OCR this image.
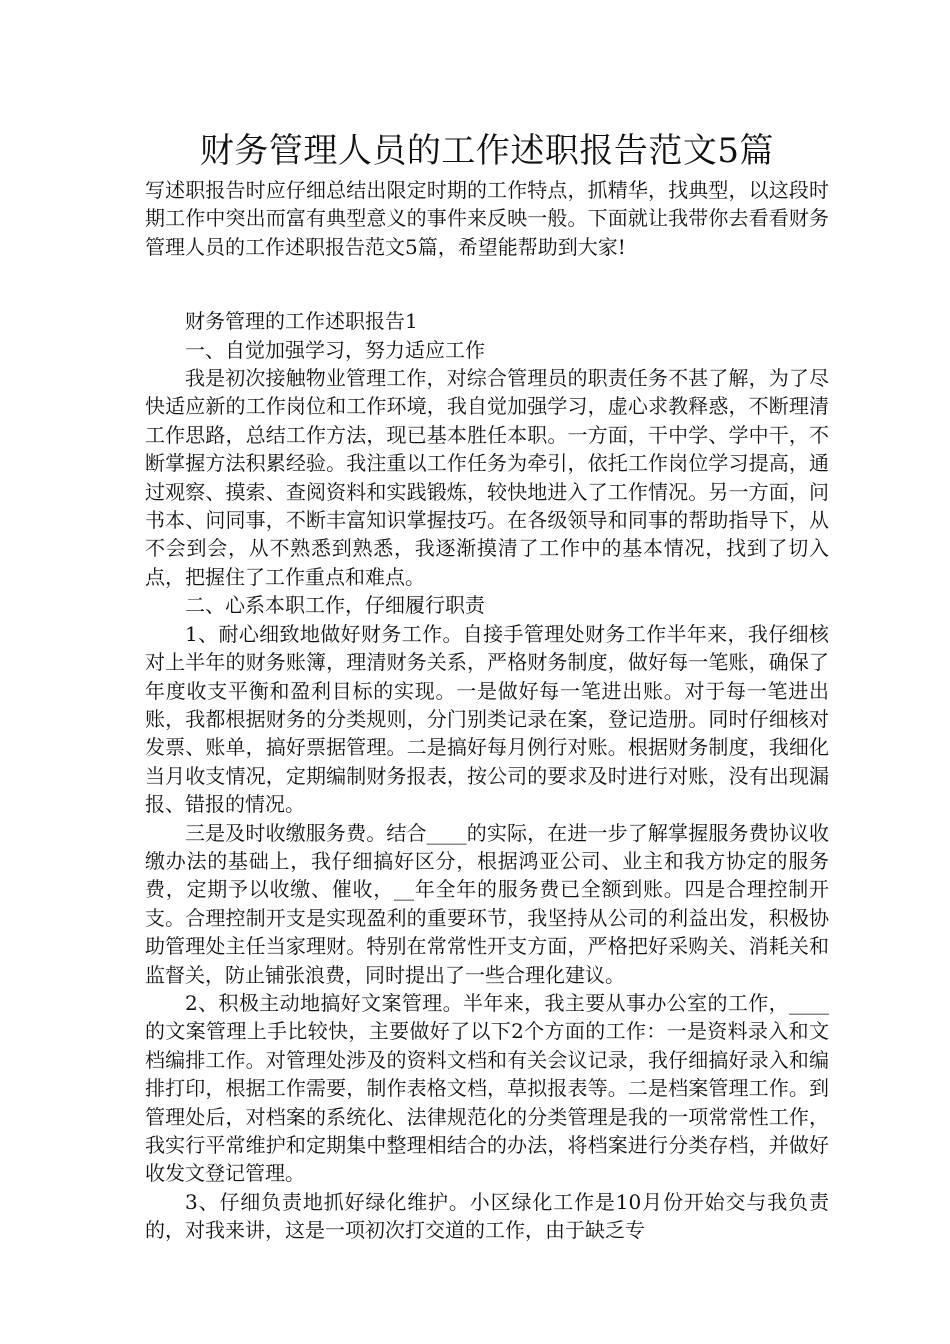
财务管理人员的工作述职报告范文5篇

写述职报告时应仔细总结出限定时期的工作特点，抓精华，找典型，以这段时期工作中突出而富有典型意义的事件来反映一般。下面就让我带你去看看财务管理人员的工作述职报告范文5篇，希望能帮助到大家!

财务管理的工作述职报告1

一、自觉加强学习，努力适应工作

我是初次接触物业管理工作，对综合管理员的职责任务不甚了解，为了尽快适应新的工作岗位和工作环境，我自觉加强学习，虚心求教释惑，不断理清工作思路，总结工作方法，现已基本胜任本职。一方面，干中学、学中干，不断掌握方法积累经验。我注重以工作任务为牵引，依托工作岗位学习提高，通过观察、摸索、查阅资料和实践锻炼，较快地进入了工作情况。另一方面，问书本、问同事，不断丰富知识掌握技巧。在各级领导和同事的帮助指导下，从不会到会，从不熟悉到熟悉，我逐渐摸清了工作中的基本情况，找到了切入点，把握住了工作重点和难点。

二、心系本职工作，仔细履行职责

1、耐心细致地做好财务工作。自接手管理处财务工作半年来，我仔细核对上半年的财务账簿，理清财务关系，严格财务制度，做好每一笔账，确保了年度收支平衡和盈利目标的实现。一是做好每一笔进出账。对于每一笔进出账，我都根据财务的分类规则，分门别类记录在案，登记造册。同时仔细核对发票、账单，搞好票据管理。二是搞好每月例行对账。根据财务制度，我细化当月收支情况，定期编制财务报表，按公司的要求及时进行对账，没有出现漏报、错报的情况。

三是及时收缴服务费。结合____的实际，在进一步了解掌握服务费协议收缴办法的基础上，我仔细搞好区分，根据鸿亚公司、业主和我方协定的服务费，定期予以收缴、催收，__年全年的服务费已全额到账。四是合理控制开支。合理控制开支是实现盈利的重要环节，我坚持从公司的利益出发，积极协助管理处主任当家理财。特别在常常性开支方面，严格把好采购关、消耗关和监督关，防止铺张浪费，同时提出了一些合理化建议。

2、积极主动地搞好文案管理。半年来，我主要从事办公室的工作，____的文案管理上手比较快，主要做好了以下2个方面的工作：一是资料录入和文档编排工作。对管理处涉及的资料文档和有关会议记录，我仔细搞好录入和编排打印，根据工作需要，制作表格文档，草拟报表等。二是档案管理工作。到管理处后，对档案的系统化、法律规范化的分类管理是我的一项常常性工作，我实行平常维护和定期集中整理相结合的办法，将档案进行分类存档，并做好收发文登记管理。

3、仔细负责地抓好绿化维护。小区绿化工作是10月份开始交与我负责的，对我来讲，这是一项初次打交道的工作，由于缺乏专
